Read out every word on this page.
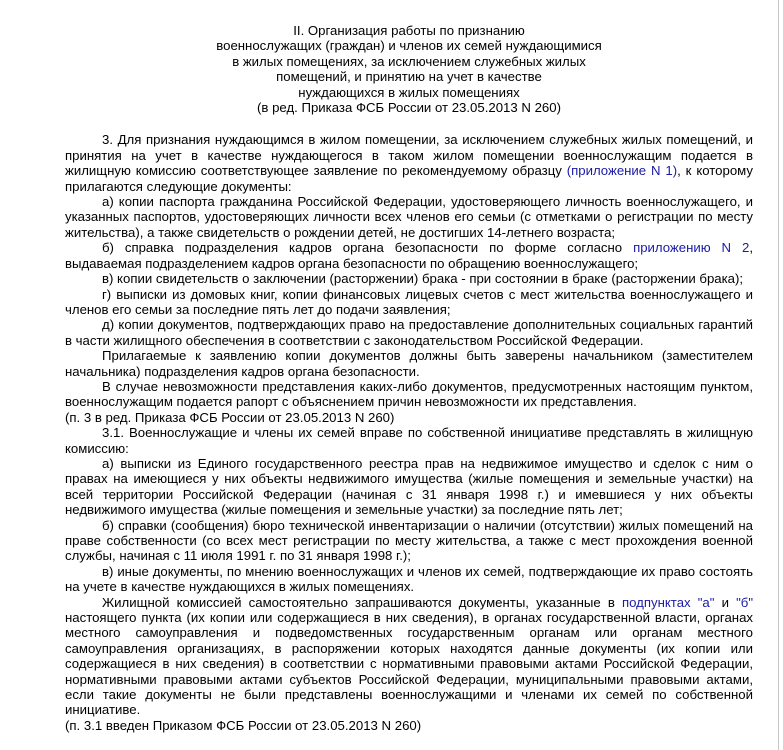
II. Организация работы по признанию
военнослужащих (граждан) и членов их семей нуждающимися
в жилых помещениях, за исключением служебных жилых
помещений, и принятию на учет в качестве
нуждающихся в жилых помещениях
(в ред. Приказа ФСБ России от 23.05.2013 N 260)

3. Для признания нуждающимся в жилом помещении, за исключением служебных жилых помещений, и принятия на учет в качестве нуждающегося в таком жилом помещении военнослужащим подается в жилищную комиссию соответствующее заявление по рекомендуемому образцу (приложение N 1), к которому прилагаются следующие документы:

а) копии паспорта гражданина Российской Федерации, удостоверяющего личность военнослужащего, и указанных паспортов, удостоверяющих личности всех членов его семьи (с отметками о регистрации по месту жительства), а также свидетельств о рождении детей, не достигших 14-летнего возраста;

б) справка подразделения кадров органа безопасности по форме согласно приложению N 2, выдаваемая подразделением кадров органа безопасности по обращению военнослужащего;

в) копии свидетельств о заключении (расторжении) брака - при состоянии в браке (расторжении брака);

г) выписки из домовых книг, копии финансовых лицевых счетов с мест жительства военнослужащего и членов его семьи за последние пять лет до подачи заявления;

д) копии документов, подтверждающих право на предоставление дополнительных социальных гарантий в части жилищного обеспечения в соответствии с законодательством Российской Федерации.

Прилагаемые к заявлению копии документов должны быть заверены начальником (заместителем начальника) подразделения кадров органа безопасности.

В случае невозможности представления каких-либо документов, предусмотренных настоящим пунктом, военнослужащим подается рапорт с объяснением причин невозможности их представления.

(п. 3 в ред. Приказа ФСБ России от 23.05.2013 N 260)

3.1. Военнослужащие и члены их семей вправе по собственной инициативе представлять в жилищную комиссию:

а) выписки из Единого государственного реестра прав на недвижимое имущество и сделок с ним о правах на имеющиеся у них объекты недвижимого имущества (жилые помещения и земельные участки) на всей территории Российской Федерации (начиная с 31 января 1998 г.) и имевшиеся у них объекты недвижимого имущества (жилые помещения и земельные участки) за последние пять лет;

б) справки (сообщения) бюро технической инвентаризации о наличии (отсутствии) жилых помещений на праве собственности (со всех мест регистрации по месту жительства, а также с мест прохождения военной службы, начиная с 11 июля 1991 г. по 31 января 1998 г.);

в) иные документы, по мнению военнослужащих и членов их семей, подтверждающие их право состоять на учете в качестве нуждающихся в жилых помещениях.

Жилищной комиссией самостоятельно запрашиваются документы, указанные в подпунктах "а" и "б" настоящего пункта (их копии или содержащиеся в них сведения), в органах государственной власти, органах местного самоуправления и подведомственных государственным органам или органам местного самоуправления организациях, в распоряжении которых находятся данные документы (их копии или содержащиеся в них сведения) в соответствии с нормативными правовыми актами Российской Федерации, нормативными правовыми актами субъектов Российской Федерации, муниципальными правовыми актами, если такие документы не были представлены военнослужащими и членами их семей по собственной инициативе.

(п. 3.1 введен Приказом ФСБ России от 23.05.2013 N 260)
